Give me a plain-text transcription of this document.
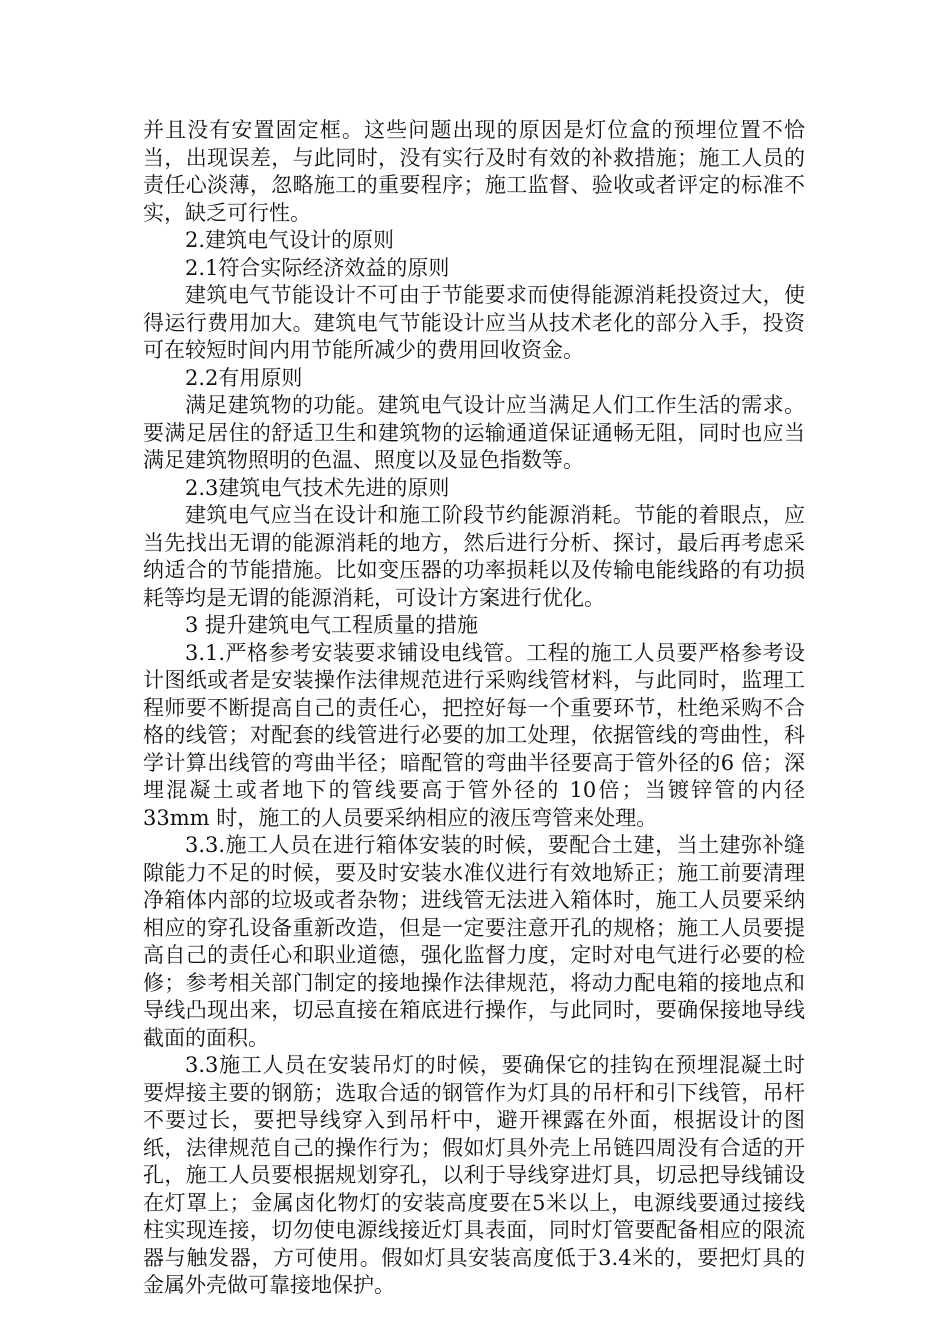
并且没有安置固定框。这些问题出现的原因是灯位盒的预埋位置不恰当，出现误差，与此同时，没有实行及时有效的补救措施；施工人员的责任心淡薄，忽略施工的重要程序；施工监督、验收或者评定的标准不实，缺乏可行性。

2.建筑电气设计的原则

2.1符合实际经济效益的原则

建筑电气节能设计不可由于节能要求而使得能源消耗投资过大，使得运行费用加大。建筑电气节能设计应当从技术老化的部分入手，投资可在较短时间内用节能所减少的费用回收资金。

2.2有用原则

满足建筑物的功能。建筑电气设计应当满足人们工作生活的需求。要满足居住的舒适卫生和建筑物的运输通道保证通畅无阻，同时也应当满足建筑物照明的色温、照度以及显色指数等。

2.3建筑电气技术先进的原则

建筑电气应当在设计和施工阶段节约能源消耗。节能的着眼点，应当先找出无谓的能源消耗的地方，然后进行分析、探讨，最后再考虑采纳适合的节能措施。比如变压器的功率损耗以及传输电能线路的有功损耗等均是无谓的能源消耗，可设计方案进行优化。

3 提升建筑电气工程质量的措施

3.1.严格参考安装要求铺设电线管。工程的施工人员要严格参考设计图纸或者是安装操作法律规范进行采购线管材料，与此同时，监理工程师要不断提高自己的责任心，把控好每一个重要环节，杜绝采购不合格的线管；对配套的线管进行必要的加工处理，依据管线的弯曲性，科学计算出线管的弯曲半径；暗配管的弯曲半径要高于管外径的6 倍；深埋混凝土或者地下的管线要高于管外径的 10倍；当镀锌管的内径33mm 时，施工的人员要采纳相应的液压弯管来处理。

3.3.施工人员在进行箱体安装的时候，要配合土建，当土建弥补缝隙能力不足的时候，要及时安装水准仪进行有效地矫正；施工前要清理净箱体内部的垃圾或者杂物；进线管无法进入箱体时，施工人员要采纳相应的穿孔设备重新改造，但是一定要注意开孔的规格；施工人员要提高自己的责任心和职业道德，强化监督力度，定时对电气进行必要的检修；参考相关部门制定的接地操作法律规范，将动力配电箱的接地点和导线凸现出来，切忌直接在箱底进行操作，与此同时，要确保接地导线截面的面积。

3.3施工人员在安装吊灯的时候，要确保它的挂钩在预埋混凝土时要焊接主要的钢筋；选取合适的钢管作为灯具的吊杆和引下线管，吊杆不要过长，要把导线穿入到吊杆中，避开裸露在外面，根据设计的图纸，法律规范自己的操作行为；假如灯具外壳上吊链四周没有合适的开孔，施工人员要根据规划穿孔，以利于导线穿进灯具，切忌把导线铺设在灯罩上；金属卤化物灯的安装高度要在5米以上，电源线要通过接线柱实现连接，切勿使电源线接近灯具表面，同时灯管要配备相应的限流器与触发器，方可使用。假如灯具安装高度低于3.4米的，要把灯具的金属外壳做可靠接地保护。
